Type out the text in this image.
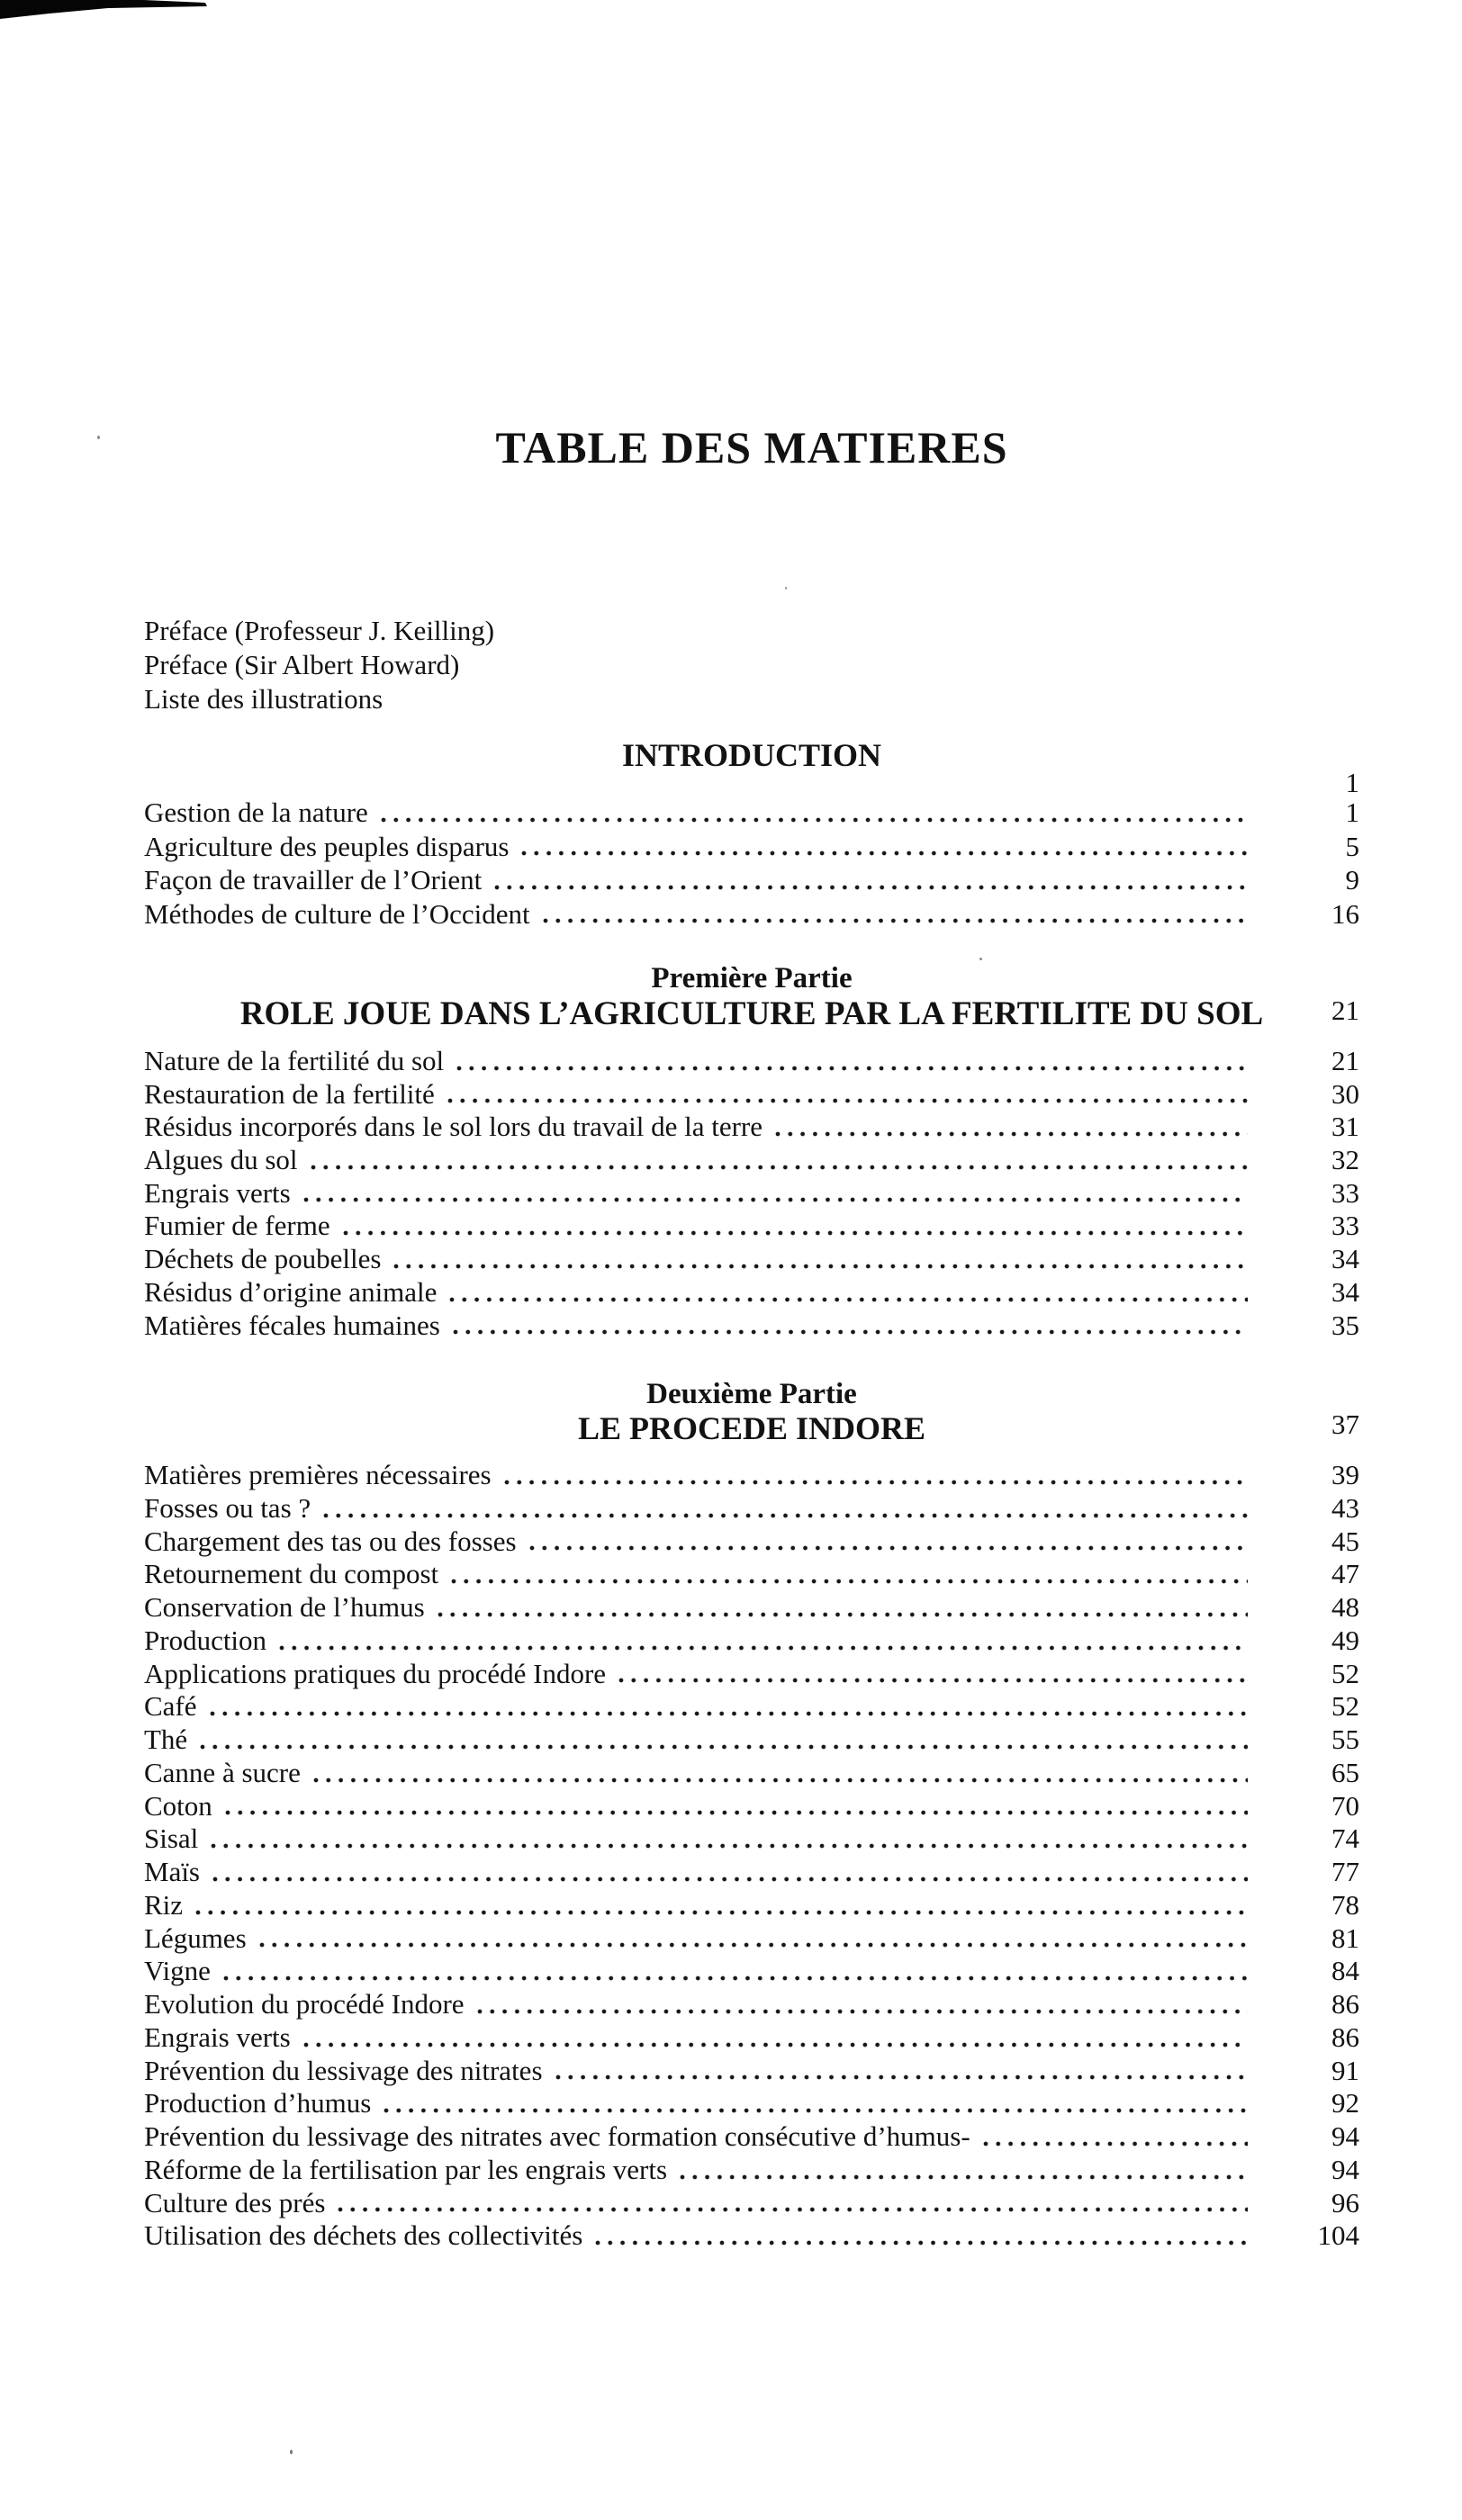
TABLE DES MATIERES
Préface (Professeur J. Keilling)
Préface (Sir Albert Howard)
Liste des illustrations
INTRODUCTION
1
Gestion de la nature	1
Agriculture des peuples disparus	5
Façon de travailler de l’Orient	9
Méthodes de culture de l’Occident	16
Première Partie
ROLE JOUE DANS L’AGRICULTURE PAR LA FERTILITE DU SOL	21
Nature de la fertilité du sol	21
Restauration de la fertilité	30
Résidus incorporés dans le sol lors du travail de la terre	31
Algues du sol	32
Engrais verts	33
Fumier de ferme	33
Déchets de poubelles	34
Résidus d’origine animale	34
Matières fécales humaines	35
Deuxième Partie
LE PROCEDE INDORE	37
Matières premières nécessaires	39
Fosses ou tas ?	43
Chargement des tas ou des fosses	45
Retournement du compost	47
Conservation de l’humus	48
Production	49
Applications pratiques du procédé Indore	52
Café	52
Thé	55
Canne à sucre	65
Coton	70
Sisal	74
Maïs	77
Riz	78
Légumes	81
Vigne	84
Evolution du procédé Indore	86
Engrais verts	86
Prévention du lessivage des nitrates	91
Production d’humus	92
Prévention du lessivage des nitrates avec formation consécutive d’humus-	94
Réforme de la fertilisation par les engrais verts	94
Culture des prés	96
Utilisation des déchets des collectivités	104
